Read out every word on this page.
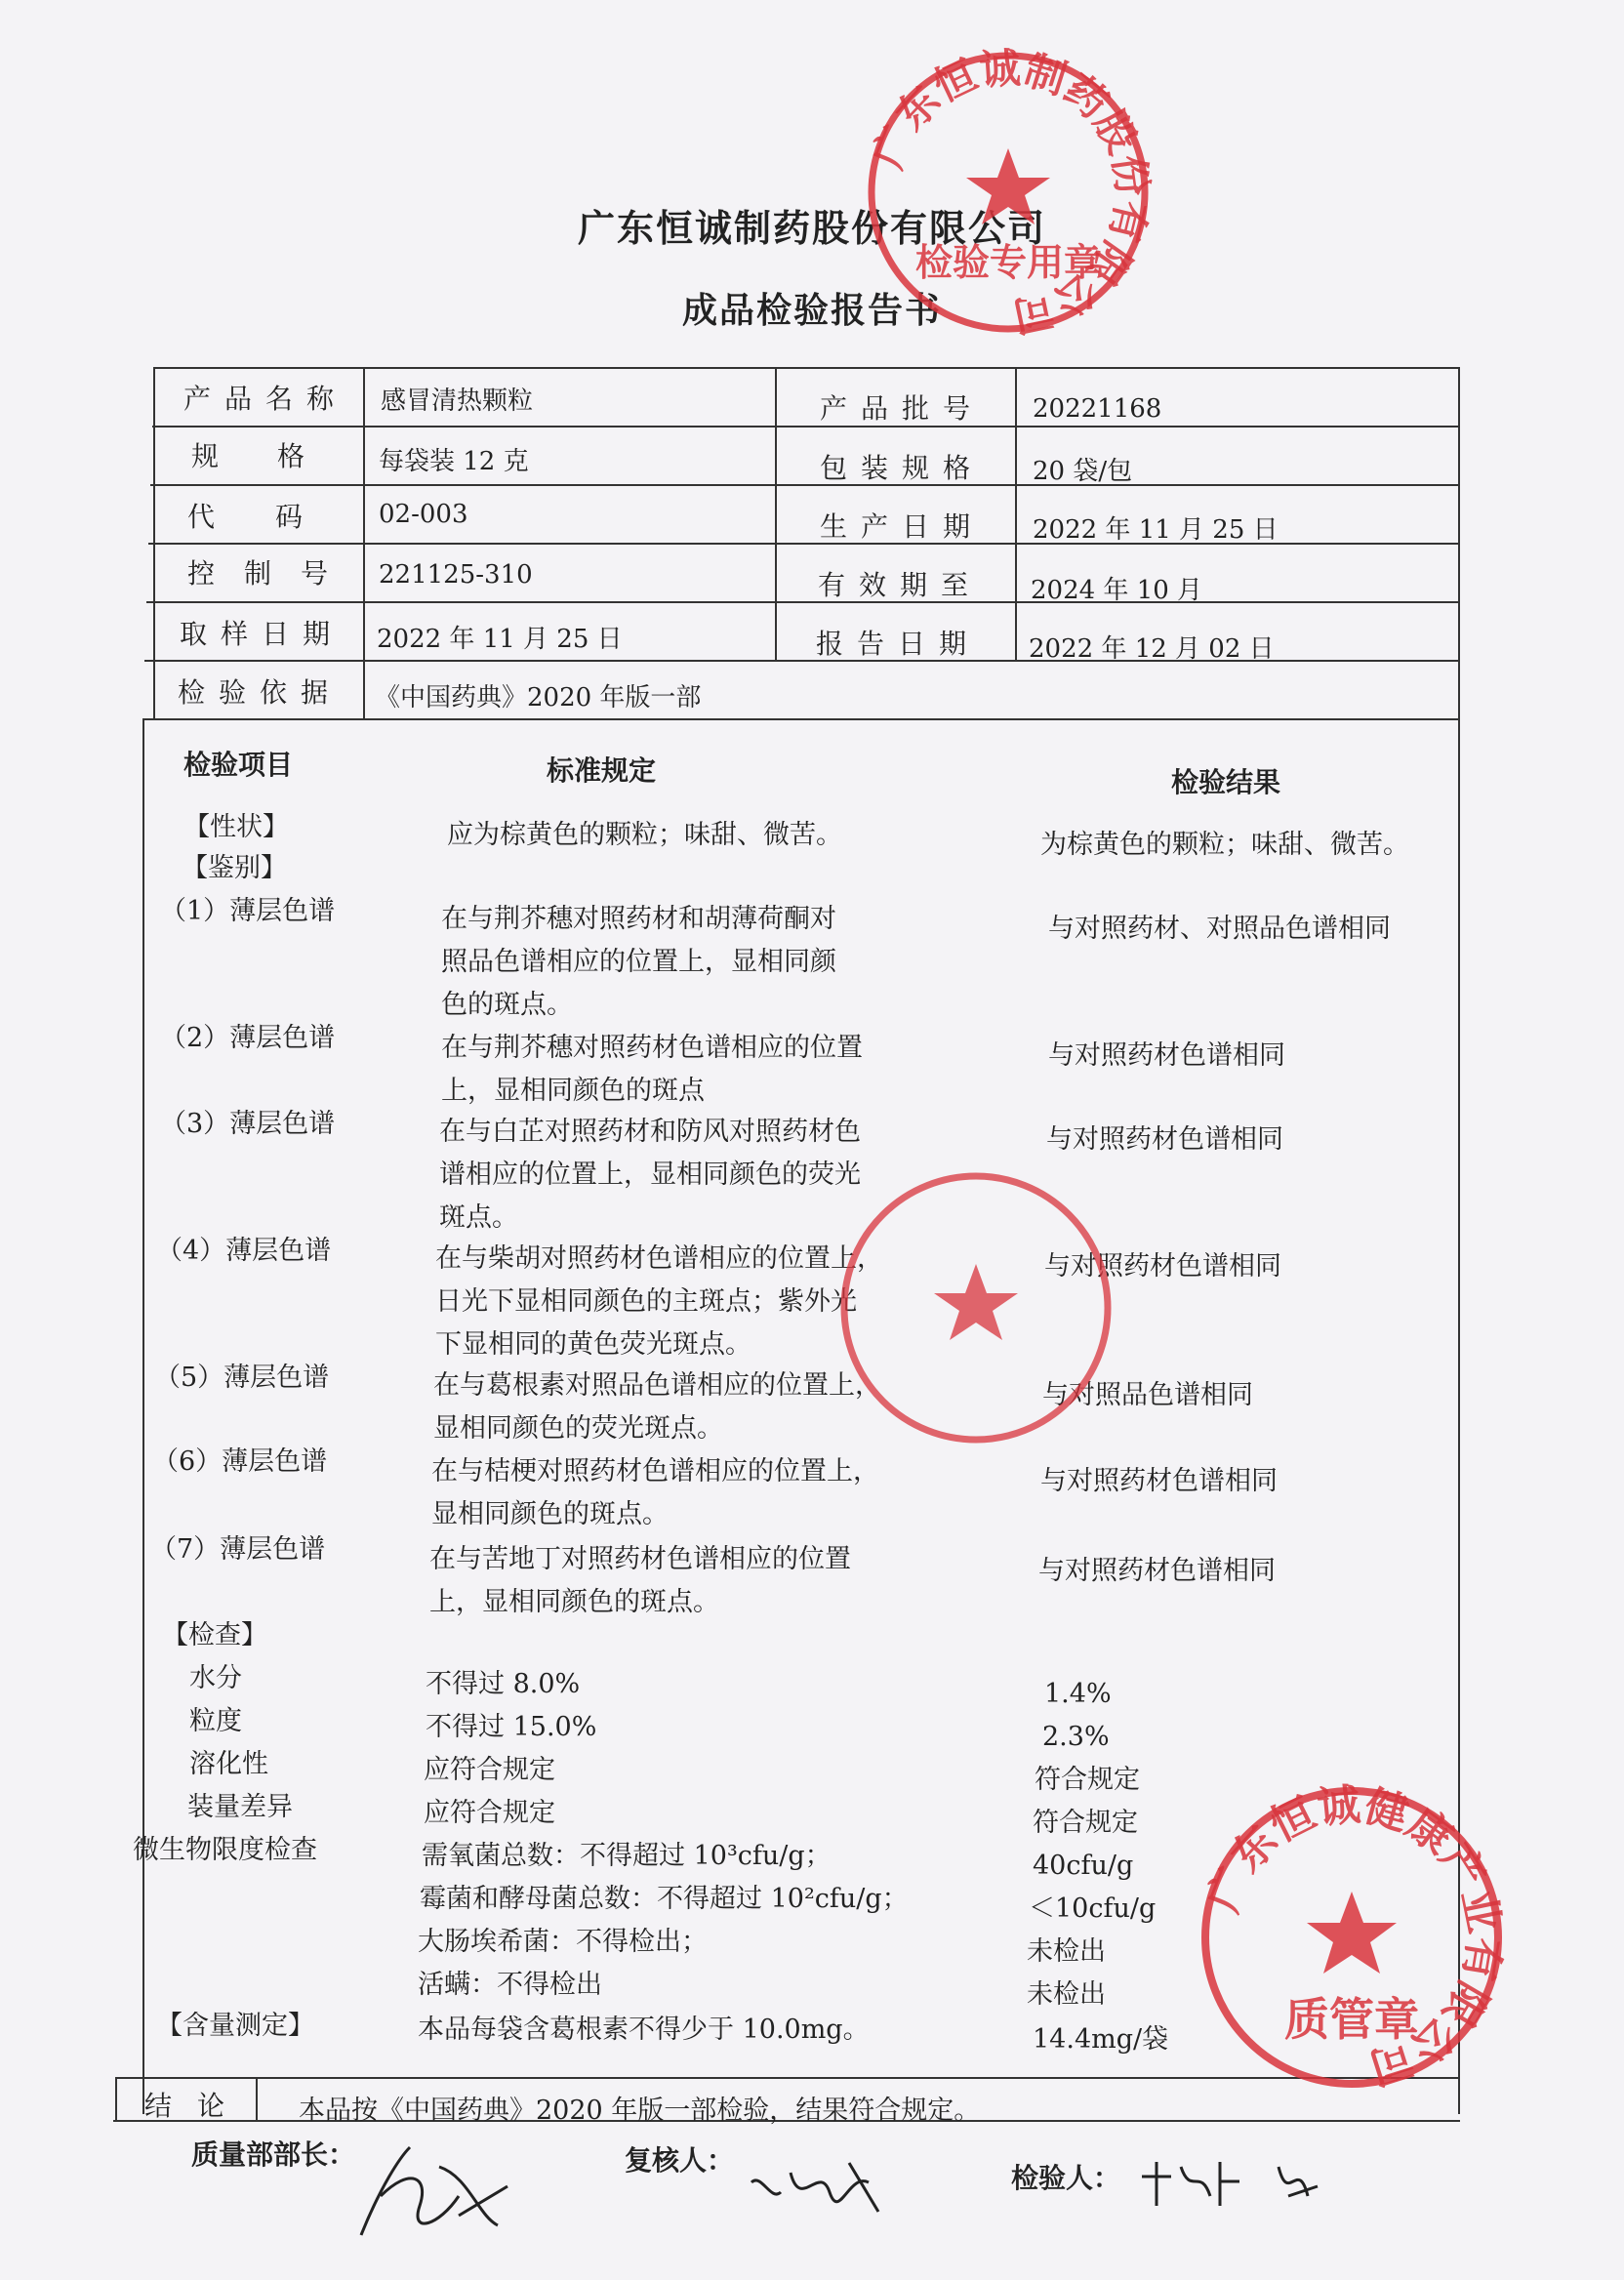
广东恒诚制药股份有限公司
成品检验报告书
产品名称 感冒清热颗粒	产品批号 20221168
规格 每袋装 12 克	包装规格 20 袋/包
代码 02-003	生产日期 2022 年 11 月 25 日
控制号 221125-310	有效期至 2024 年 10 月
取样日期 2022 年 11 月 25 日	报告日期 2022 年 12 月 02 日
检验依据 《中国药典》2020 年版一部
检验项目	标准规定	检验结果
【性状】	应为棕黄色的颗粒；味甜、微苦。	为棕黄色的颗粒；味甜、微苦。
【鉴别】
（1）薄层色谱	在与荆芥穗对照药材和胡薄荷酮对
照品色谱相应的位置上，显相同颜
色的斑点。
与对照药材、对照品色谱相同
（2）薄层色谱	在与荆芥穗对照药材色谱相应的位置
上，显相同颜色的斑点
与对照药材色谱相同
（3）薄层色谱	在与白芷对照药材和防风对照药材色
谱相应的位置上，显相同颜色的荧光
斑点。
与对照药材色谱相同
（4）薄层色谱	在与柴胡对照药材色谱相应的位置上，
日光下显相同颜色的主斑点；紫外光
下显相同的黄色荧光斑点。
与对照药材色谱相同
（5）薄层色谱	在与葛根素对照品色谱相应的位置上，
显相同颜色的荧光斑点。
与对照品色谱相同
（6）薄层色谱	在与桔梗对照药材色谱相应的位置上，
显相同颜色的斑点。
与对照药材色谱相同
（7）薄层色谱	在与苦地丁对照药材色谱相应的位置
上，显相同颜色的斑点。
与对照药材色谱相同
【检查】
水分	不得过 8.0%	1.4%
粒度	不得过 15.0%	2.3%
溶化性	应符合规定	符合规定
装量差异	应符合规定	符合规定
微生物限度检查	需氧菌总数：不得超过 10³cfu/g；	40cfu/g
霉菌和酵母菌总数：不得超过 10²cfu/g；	＜10cfu/g
大肠埃希菌：不得检出；	未检出
活螨：不得检出	未检出
【含量测定】	本品每袋含葛根素不得少于 10.0mg。	14.4mg/袋
结论 本品按《中国药典》2020 年版一部检验，结果符合规定。
质量部部长：	复核人：
检验人：
广东恒诚制药股份有限公司
检验专用章
广东恒诚健康产业有限公司
质管章
